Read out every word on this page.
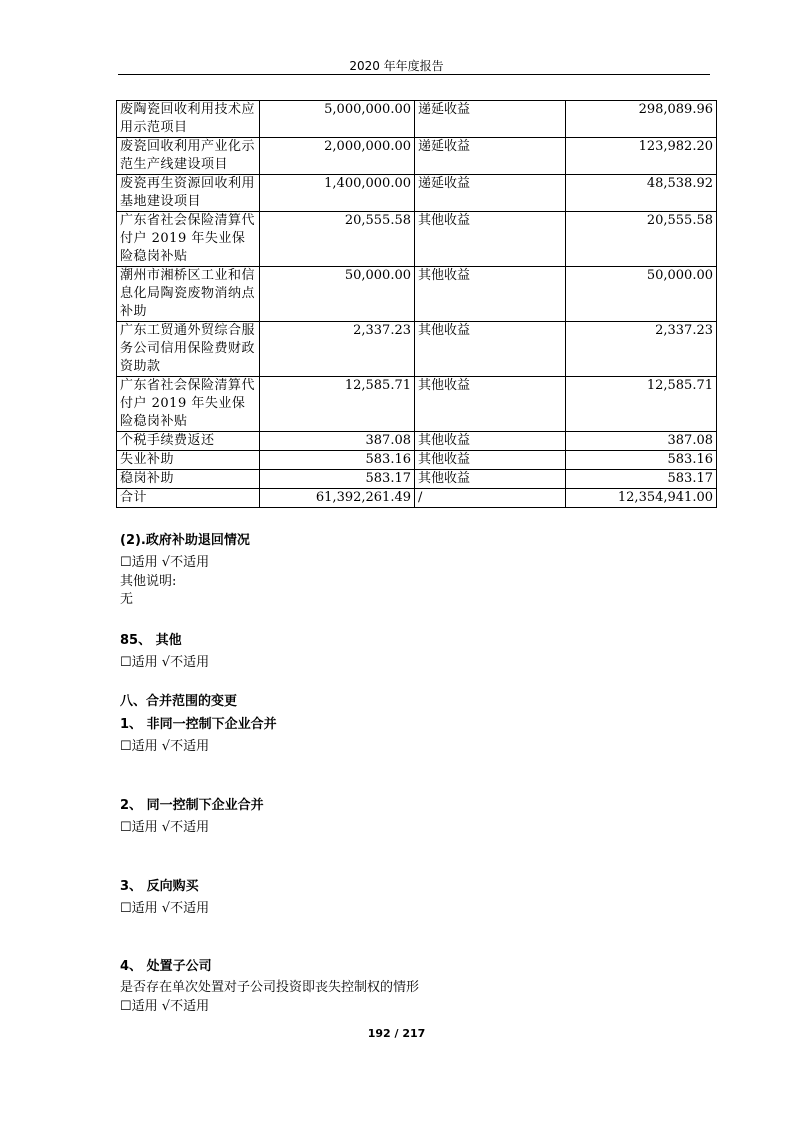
2020 年年度报告
废陶瓷回收利用技术应用示范项目	5,000,000.00	递延收益	298,089.96
废瓷回收利用产业化示范生产线建设项目	2,000,000.00	递延收益	123,982.20
废瓷再生资源回收利用基地建设项目	1,400,000.00	递延收益	48,538.92
广东省社会保险清算代付户 2019 年失业保险稳岗补贴	20,555.58	其他收益	20,555.58
潮州市湘桥区工业和信息化局陶瓷废物消纳点补助	50,000.00	其他收益	50,000.00
广东工贸通外贸综合服务公司信用保险费财政资助款	2,337.23	其他收益	2,337.23
广东省社会保险清算代付户 2019 年失业保险稳岗补贴	12,585.71	其他收益	12,585.71
个税手续费返还	387.08	其他收益	387.08
失业补助	583.16	其他收益	583.16
稳岗补助	583.17	其他收益	583.17
合计	61,392,261.49	/	12,354,941.00
(2).政府补助退回情况
☐适用 √不适用
其他说明:
无
85、 其他
☐适用 √不适用
八、合并范围的变更
1、 非同一控制下企业合并
☐适用 √不适用
2、 同一控制下企业合并
☐适用 √不适用
3、 反向购买
☐适用 √不适用
4、 处置子公司
是否存在单次处置对子公司投资即丧失控制权的情形
☐适用 √不适用
192 / 217
